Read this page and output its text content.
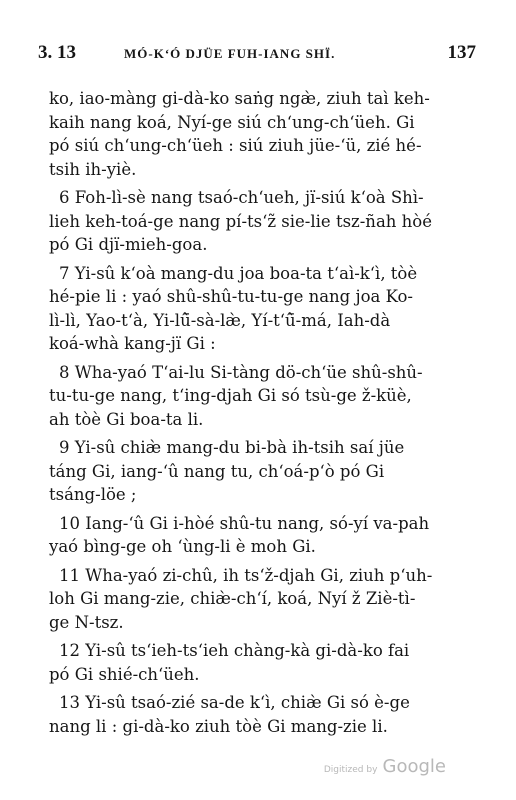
3. 13	MÓ-K‘Ó DJÜE FUH-IANG SHÏ.	137
ko, iao-màng gi-dà-ko saṅg ngæ̀, ziuh taì keh-
kaih nang koá, Nyí-ge siú ch‘ung-ch‘üeh. Gi
pó siú ch‘ung-ch‘üeh : siú ziuh jüe-‘ü, zié hé-
tsih ih-yiè.
6 Foh-lì-sè nang tsaó-ch‘ueh, jï-siú k‘oà Shì-
lieh keh-toá-ge nang pí-ts‘z̃ sie-lie tsz-ñah hòé
pó Gi djï-mieh-goa.
7 Yi-sû k‘oà mang-du joa boa-ta t‘aì-k‘ì, tòè
hé-pie li : yaó shû-shû-tu-tu-ge nang joa Ko-
lì-lì, Yao-t‘à, Yi-lû̄-sà-læ̀, Yí-t‘û̄-má, Iah-dà
koá-whà kang-jï Gi :
8 Wha-yaó T‘ai-lu Si-tàng dö-ch‘üe shû-shû-
tu-tu-ge nang, t‘ing-djah Gi só tsù-ge ž-küè,
ah tòè Gi boa-ta li.
9 Yi-sû chiæ̀ mang-du bi-bà ih-tsih saí jüe
táng Gi, iang-‘û nang tu, ch‘oá-p‘ò pó Gi
tsáng-löe ;
10 Iang-‘û Gi i-hòé shû-tu nang, só-yí va-pah
yaó bìng-ge oh ‘ùng-li è moh Gi.
11 Wha-yaó zi-chû, ih ts‘ž-djah Gi, ziuh p‘uh-
loh Gi mang-zie, chiæ̀-ch‘í, koá, Nyí ž Ziè-tì-
ge N-tsz.
12 Yi-sû ts‘ieh-ts‘ieh chàng-kà gi-dà-ko fai
pó Gi shié-ch‘üeh.
13 Yi-sû tsaó-zié sa-de k‘ì, chiæ̀ Gi só è-ge
nang li : gi-dà-ko ziuh tòè Gi mang-zie li.
Digitized by Google
